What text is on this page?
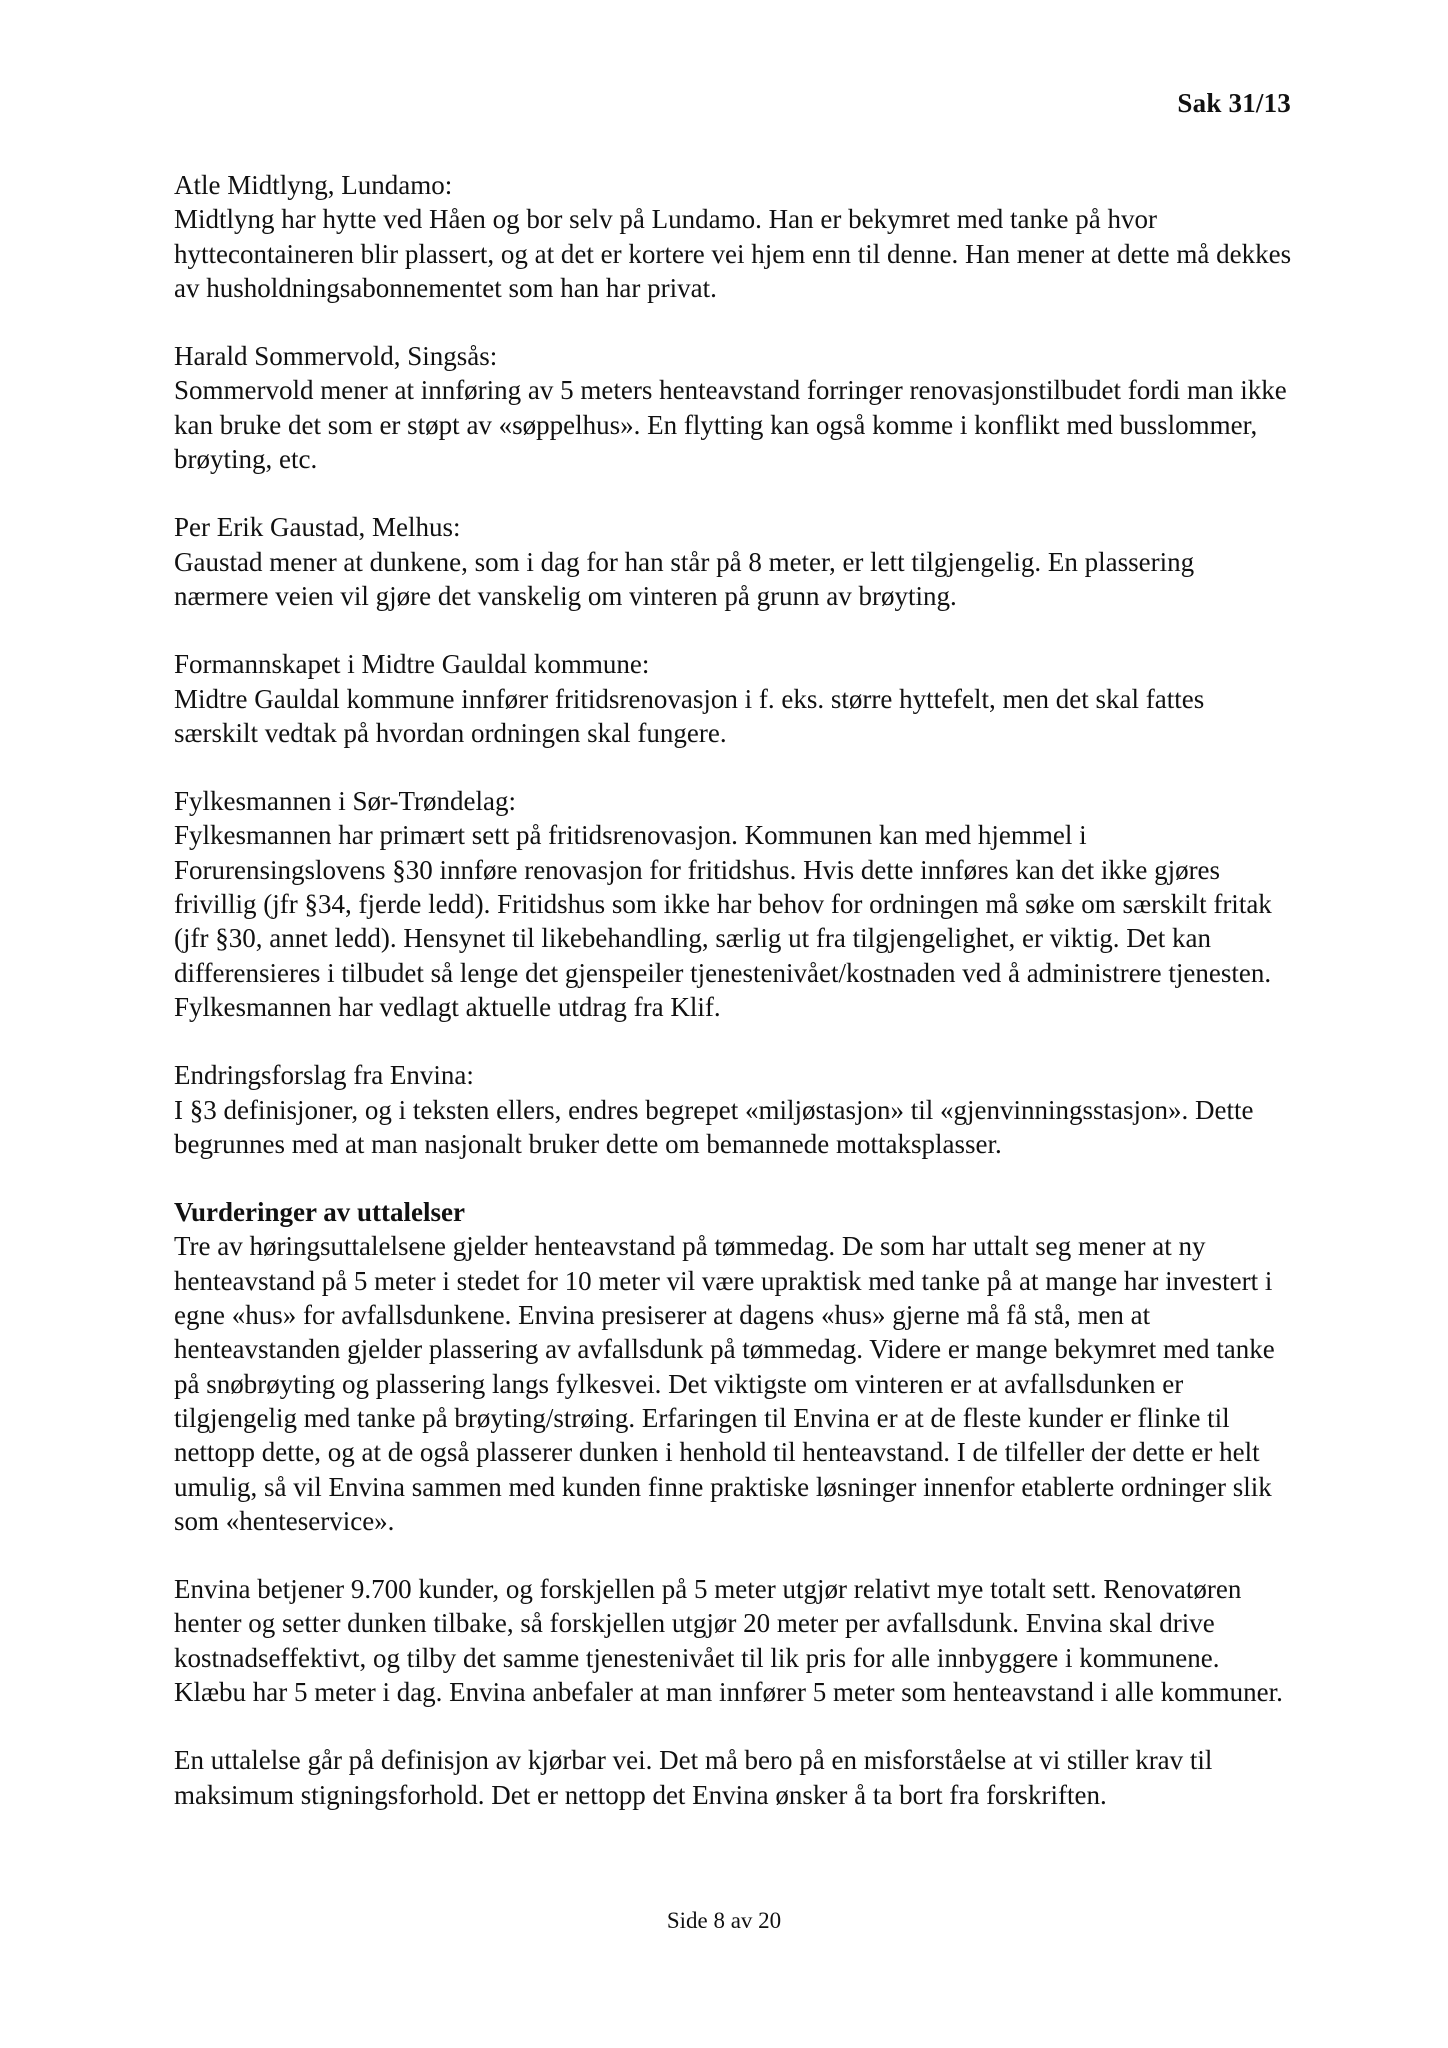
Sak 31/13

Atle Midtlyng, Lundamo:

Midtlyng har hytte ved Håen og bor selv på Lundamo. Han er bekymret med tanke på hvor hyttecontaineren blir plassert, og at det er kortere vei hjem enn til denne. Han mener at dette må dekkes av husholdningsabonnementet som han har privat.

Harald Sommervold, Singsås:

Sommervold mener at innføring av 5 meters henteavstand forringer renovasjonstilbudet fordi man ikke kan bruke det som er støpt av «søppelhus». En flytting kan også komme i konflikt med busslommer, brøyting, etc.

Per Erik Gaustad, Melhus:

Gaustad mener at dunkene, som i dag for han står på 8 meter, er lett tilgjengelig. En plassering nærmere veien vil gjøre det vanskelig om vinteren på grunn av brøyting.

Formannskapet i Midtre Gauldal kommune:

Midtre Gauldal kommune innfører fritidsrenovasjon i f. eks. større hyttefelt, men det skal fattes særskilt vedtak på hvordan ordningen skal fungere.

Fylkesmannen i Sør-Trøndelag:

Fylkesmannen har primært sett på fritidsrenovasjon. Kommunen kan med hjemmel i Forurensingslovens §30 innføre renovasjon for fritidshus. Hvis dette innføres kan det ikke gjøres frivillig (jfr §34, fjerde ledd). Fritidshus som ikke har behov for ordningen må søke om særskilt fritak (jfr §30, annet ledd). Hensynet til likebehandling, særlig ut fra tilgjengelighet, er viktig. Det kan differensieres i tilbudet så lenge det gjenspeiler tjenestenivået/kostnaden ved å administrere tjenesten. Fylkesmannen har vedlagt aktuelle utdrag fra Klif.

Endringsforslag fra Envina:

I §3 definisjoner, og i teksten ellers, endres begrepet «miljøstasjon» til «gjenvinningsstasjon». Dette begrunnes med at man nasjonalt bruker dette om bemannede mottaksplasser.

Vurderinger av uttalelser

Tre av høringsuttalelsene gjelder henteavstand på tømmedag. De som har uttalt seg mener at ny henteavstand på 5 meter i stedet for 10 meter vil være upraktisk med tanke på at mange har investert i egne «hus» for avfallsdunkene. Envina presiserer at dagens «hus» gjerne må få stå, men at henteavstanden gjelder plassering av avfallsdunk på tømmedag. Videre er mange bekymret med tanke på snøbrøyting og plassering langs fylkesvei. Det viktigste om vinteren er at avfallsdunken er tilgjengelig med tanke på brøyting/strøing. Erfaringen til Envina er at de fleste kunder er flinke til nettopp dette, og at de også plasserer dunken i henhold til henteavstand. I de tilfeller der dette er helt umulig, så vil Envina sammen med kunden finne praktiske løsninger innenfor etablerte ordninger slik som «henteservice».

Envina betjener 9.700 kunder, og forskjellen på 5 meter utgjør relativt mye totalt sett. Renovatøren henter og setter dunken tilbake, så forskjellen utgjør 20 meter per avfallsdunk. Envina skal drive kostnadseffektivt, og tilby det samme tjenestenivået til lik pris for alle innbyggere i kommunene. Klæbu har 5 meter i dag. Envina anbefaler at man innfører 5 meter som henteavstand i alle kommuner.

En uttalelse går på definisjon av kjørbar vei. Det må bero på en misforståelse at vi stiller krav til maksimum stigningsforhold. Det er nettopp det Envina ønsker å ta bort fra forskriften.

Side 8 av 20
